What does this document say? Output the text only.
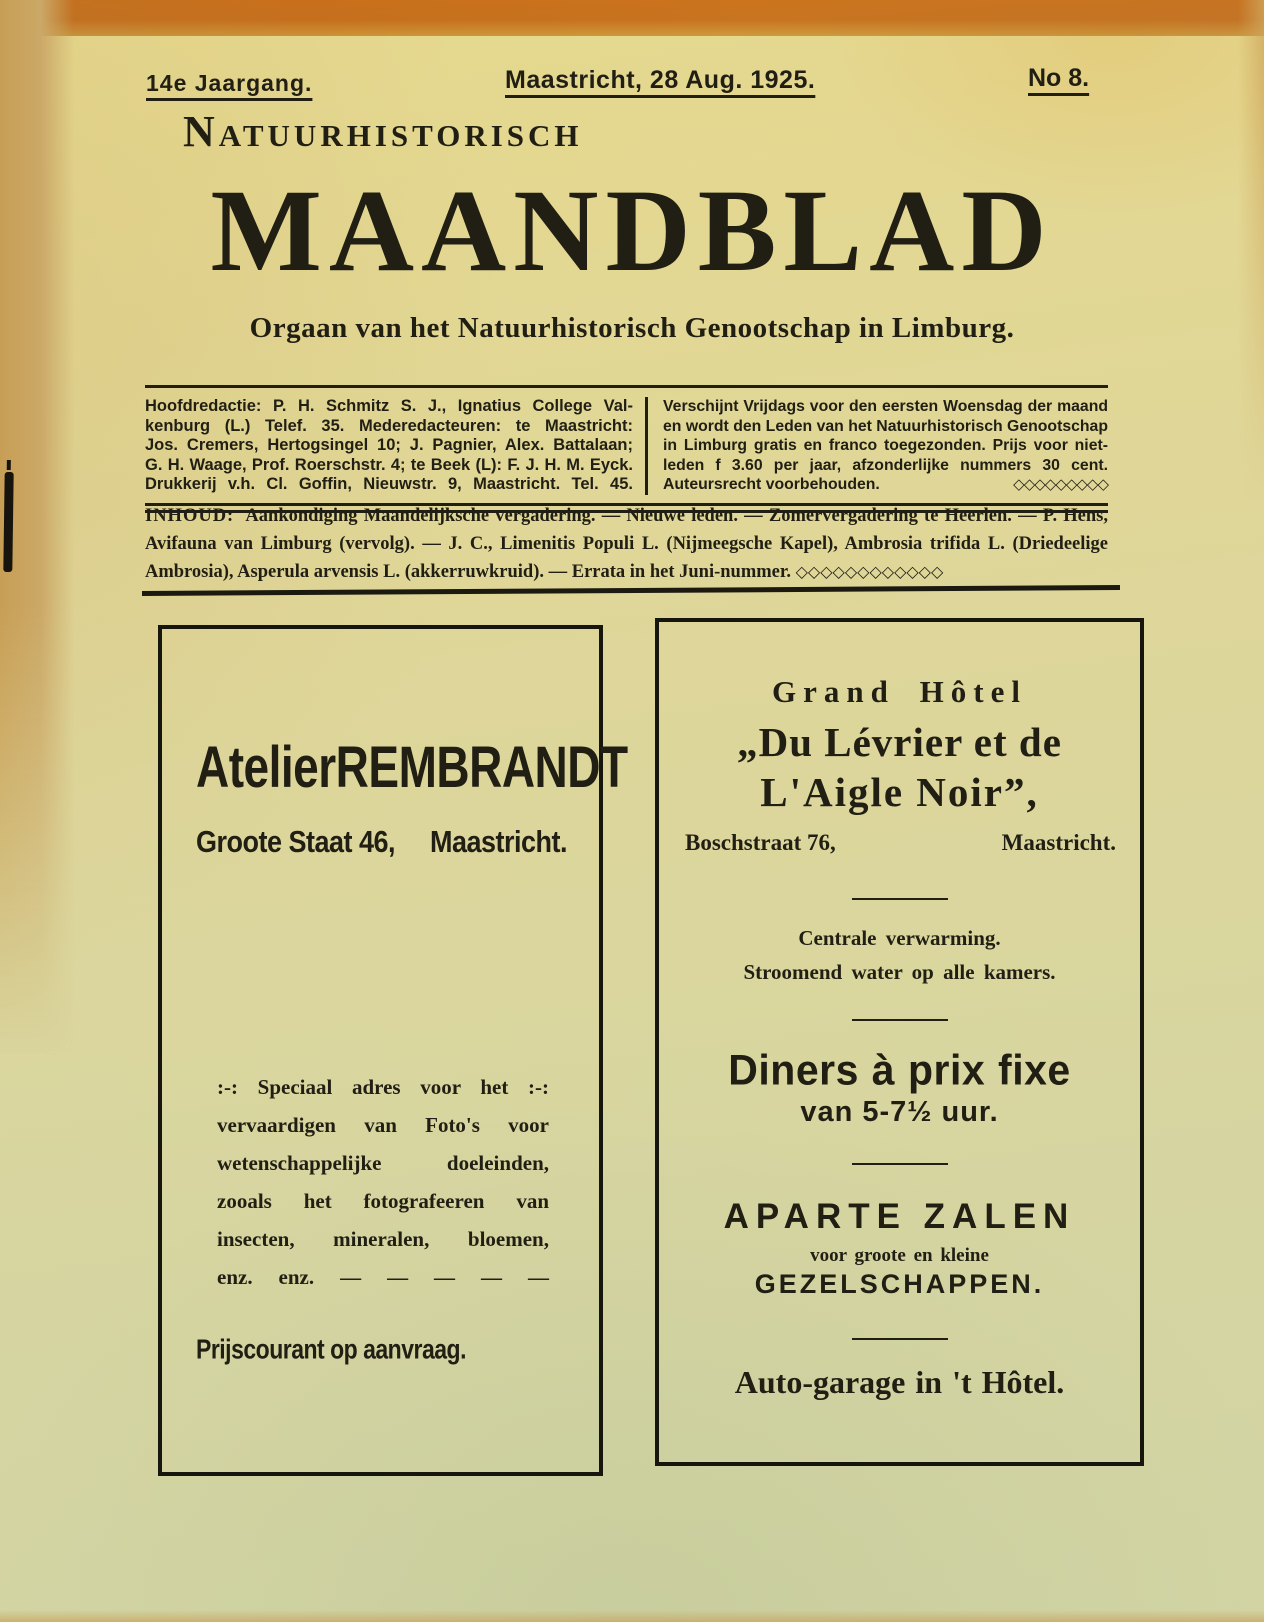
14e Jaargang.	Maastricht, 28 Aug. 1925.	No 8.
Natuurhistorisch
MAANDBLAD
Orgaan van het Natuurhistorisch Genootschap in Limburg.
Hoofdredactie: P. H. Schmitz S. J., Ignatius College Val-
kenburg (L.) Telef. 35. Mederedacteuren: te Maastricht:
Jos. Cremers, Hertogsingel 10; J. Pagnier, Alex. Battalaan;
G. H. Waage, Prof. Roerschstr. 4; te Beek (L): F. J. H. M. Eyck.
Drukkerij v.h. Cl. Goffin, Nieuwstr. 9, Maastricht. Tel. 45.
Verschijnt Vrijdags voor den eersten Woensdag der maand
en wordt den Leden van het Natuurhistorisch Genootschap
in Limburg gratis en franco toegezonden. Prijs voor niet-
leden f 3.60 per jaar, afzonderlijke nummers 30 cent.
Auteursrecht voorbehouden.	◇◇◇◇◇◇◇◇◇
INHOUD: Aankondiging Maandelijksche vergadering. — Nieuwe leden. — Zomervergadering te Heerlen. — P. Hens, Avifauna van Limburg (vervolg). — J. C., Limenitis Populi L. (Nijmeegsche Kapel), Ambrosia trifida L. (Driedeelige Ambrosia), Asperula arvensis L. (akkerruwkruid). — Errata in het Juni-nummer. ◇◇◇◇◇◇◇◇◇◇◇◇
Atelier REMBRANDT
Groote Staat 46, Maastricht.
:-: Speciaal adres voor het :-:
vervaardigen van Foto's voor
wetenschappelijke doeleinden,
zooals het fotografeeren van
insecten, mineralen, bloemen,
enz. enz. — — — — —
Prijscourant op aanvraag.
Grand Hôtel
„Du Lévrier et de
L'Aigle Noir”,
Boschstraat 76,	Maastricht.
Centrale verwarming.
Stroomend water op alle kamers.
Diners à prix fixe
van 5-7½ uur.
APARTE ZALEN
voor groote en kleine
GEZELSCHAPPEN.
Auto-garage in 't Hôtel.
